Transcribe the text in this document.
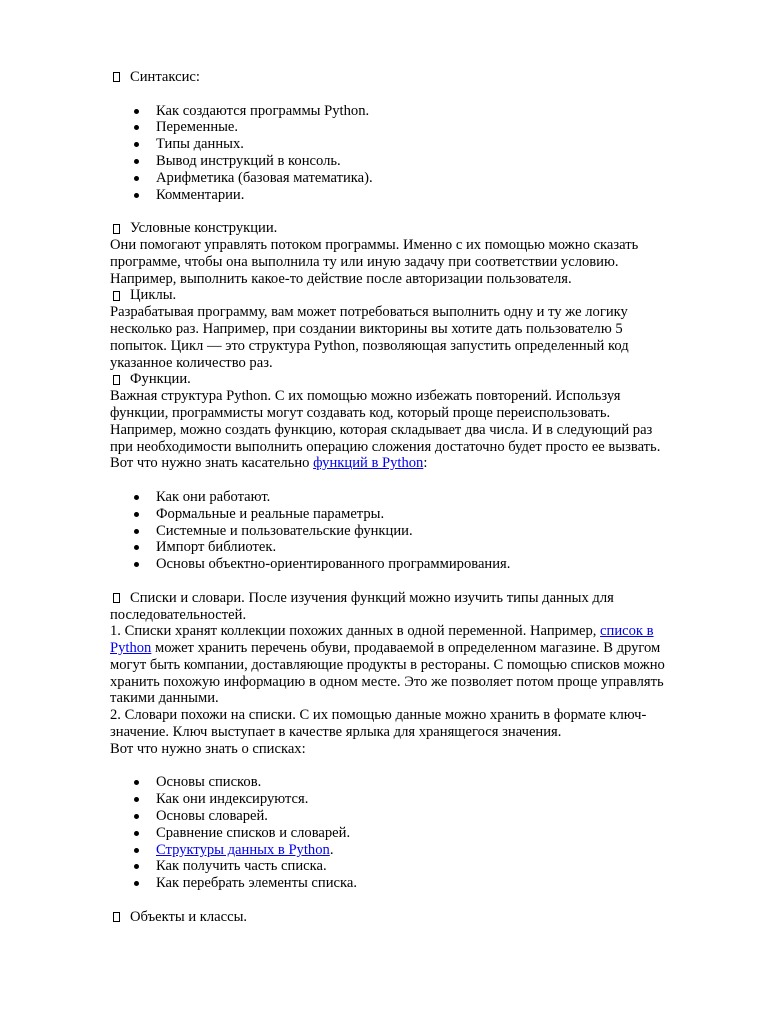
Синтаксис:
Как создаются программы Python.
Переменные.
Типы данных.
Вывод инструкций в консоль.
Арифметика (базовая математика).
Комментарии.
Условные конструкции.
Они помогают управлять потоком программы. Именно с их помощью можно сказать
программе, чтобы она выполнила ту или иную задачу при соответствии условию.
Например, выполнить какое-то действие после авторизации пользователя.
Циклы.
Разрабатывая программу, вам может потребоваться выполнить одну и ту же логику
несколько раз. Например, при создании викторины вы хотите дать пользователю 5
попыток. Цикл — это структура Python, позволяющая запустить определенный код
указанное количество раз.
Функции.
Важная структура Python. С их помощью можно избежать повторений. Используя
функции, программисты могут создавать код, который проще переиспользовать.
Например, можно создать функцию, которая складывает два числа. И в следующий раз
при необходимости выполнить операцию сложения достаточно будет просто ее вызвать.
Вот что нужно знать касательно функций в Python:
Как они работают.
Формальные и реальные параметры.
Системные и пользовательские функции.
Импорт библиотек.
Основы объектно-ориентированного программирования.
Списки и словари. После изучения функций можно изучить типы данных для
последовательностей.
1. Списки хранят коллекции похожих данных в одной переменной. Например, список в
Python может хранить перечень обуви, продаваемой в определенном магазине. В другом
могут быть компании, доставляющие продукты в рестораны. С помощью списков можно
хранить похожую информацию в одном месте. Это же позволяет потом проще управлять
такими данными.
2. Словари похожи на списки. С их помощью данные можно хранить в формате ключ-
значение. Ключ выступает в качестве ярлыка для хранящегося значения.
Вот что нужно знать о списках:
Основы списков.
Как они индексируются.
Основы словарей.
Сравнение списков и словарей.
Структуры данных в Python.
Как получить часть списка.
Как перебрать элементы списка.
Объекты и классы.
